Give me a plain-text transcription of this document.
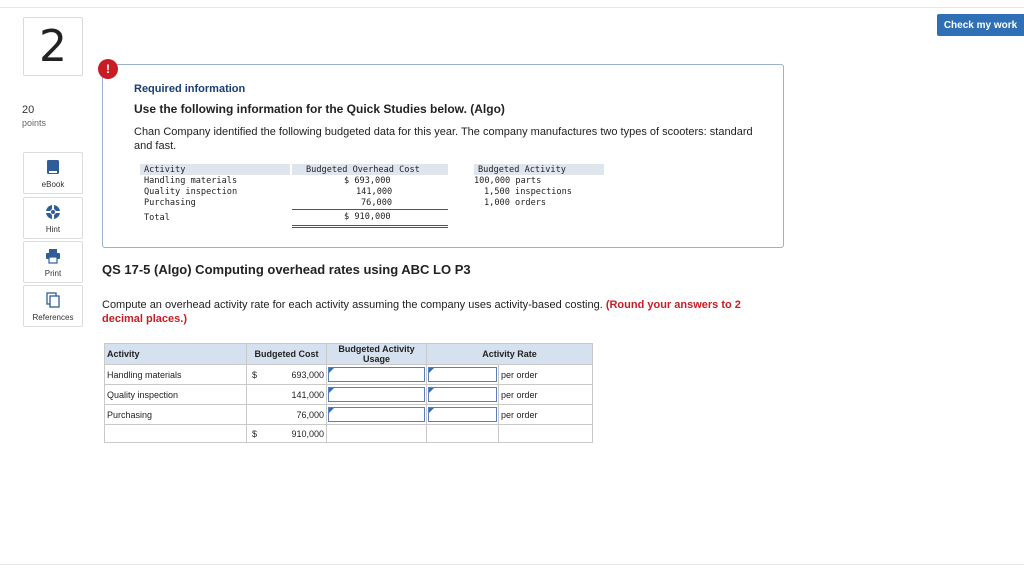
Check my work
2
20
points
eBook
Hint
Print
References
!
Required information
Use the following information for the Quick Studies below. (Algo)
Chan Company identified the following budgeted data for this year. The company manufactures two types of scooters: standard and fast.
Activity	Budgeted Overhead Cost	Budgeted Activity
Handling materials	$ 693,000	100,000 parts
Quality inspection	141,000	1,500 inspections
Purchasing	76,000	1,000 orders
Total	$ 910,000
QS 17-5 (Algo) Computing overhead rates using ABC LO P3
Compute an overhead activity rate for each activity assuming the company uses activity-based costing. (Round your answers to 2 decimal places.)
Activity	Budgeted Cost	Budgeted Activity Usage	Activity Rate	
Handling materials	$ 693,000			per order
Quality inspection	141,000			per order
Purchasing	76,000			per order
	$ 910,000			
